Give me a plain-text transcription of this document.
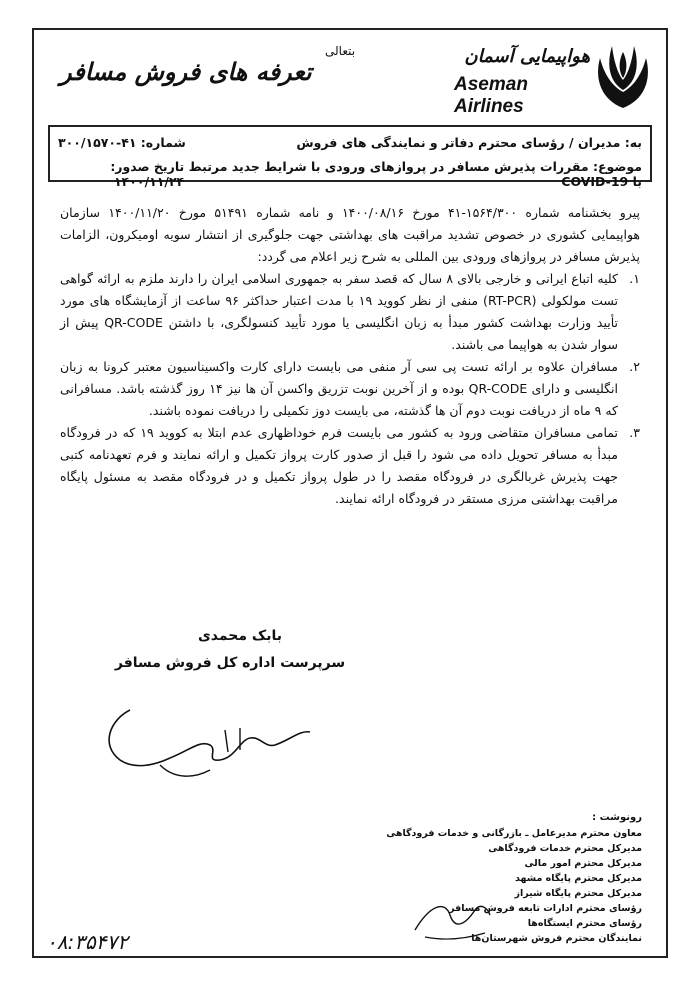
تعرفه های فروش مسافر
بتعالی	هواپیمایی آسمان
Aseman Airlines
به: مدیران / رؤسای محترم دفاتر و نمایندگی های فروش
شماره: ۴۱-۳۰۰/۱۵۷۰
موضوع: مقررات پذیرش مسافر در پروازهای ورودی با شرایط جدید مرتبط با COVID-19
تاریخ صدور: ۱۴۰۰/۱۱/۲۴

پیرو بخشنامه شماره ۱۵۶۴/۳۰۰-۴۱ مورخ ۱۴۰۰/۰۸/۱۶ و نامه شماره ۵۱۴۹۱ مورخ ۱۴۰۰/۱۱/۲۰ سازمان هواپیمایی کشوری در خصوص تشدید مراقبت های بهداشتی جهت جلوگیری از انتشار سویه اومیکرون، الزامات پذیرش مسافر در پروازهای ورودی بین المللی به شرح زیر اعلام می گردد:

۱.
کلیه اتباع ایرانی و خارجی بالای ۸ سال که قصد سفر به جمهوری اسلامی ایران را دارند ملزم به ارائه گواهی تست مولکولی (RT-PCR) منفی از نظر کووید ۱۹ با مدت اعتبار حداکثر ۹۶ ساعت از آزمایشگاه های مورد تأیید وزارت بهداشت کشور مبدأ به زبان انگلیسی یا مورد تأیید کنسولگری، با داشتن QR-CODE پیش از سوار شدن به هواپیما می باشند.
۲.
مسافران علاوه بر ارائه تست پی سی آر منفی می بایست دارای کارت واکسیناسیون معتبر کرونا به زبان انگلیسی و دارای QR-CODE بوده و از آخرین نوبت تزریق واکسن آن ها نیز ۱۴ روز گذشته باشد. مسافرانی که ۹ ماه از دریافت نوبت دوم آن ها گذشته، می بایست دوز تکمیلی را دریافت نموده باشند.
۳.
تمامی مسافران متقاضی ورود به کشور می بایست فرم خوداظهاری عدم ابتلا به کووید ۱۹ که در فرودگاه مبدأ به مسافر تحویل داده می شود را قبل از صدور کارت پرواز تکمیل و ارائه نمایند و فرم تعهدنامه کتبی جهت پذیرش غربالگری در فرودگاه مقصد را در طول پرواز تکمیل و در فرودگاه مقصد به مسئول پایگاه مراقبت بهداشتی مرزی مستقر در فرودگاه ارائه نمایند.
بابک محمدی
سرپرست اداره کل فروش مسافر
رونوشت :
معاون محترم مدیرعامل ـ بازرگانی و خدمات فرودگاهی
مدیرکل محترم خدمات فرودگاهی
مدیرکل محترم امور مالی
مدیرکل محترم پایگاه مشهد
مدیرکل محترم پایگاه شیراز
رؤسای محترم ادارات تابعه فروش مسافر
رؤسای محترم ایستگاه‌ها
نمایندگان محترم فروش شهرستان‌ها
۰۸:۳۵۴۷۲
